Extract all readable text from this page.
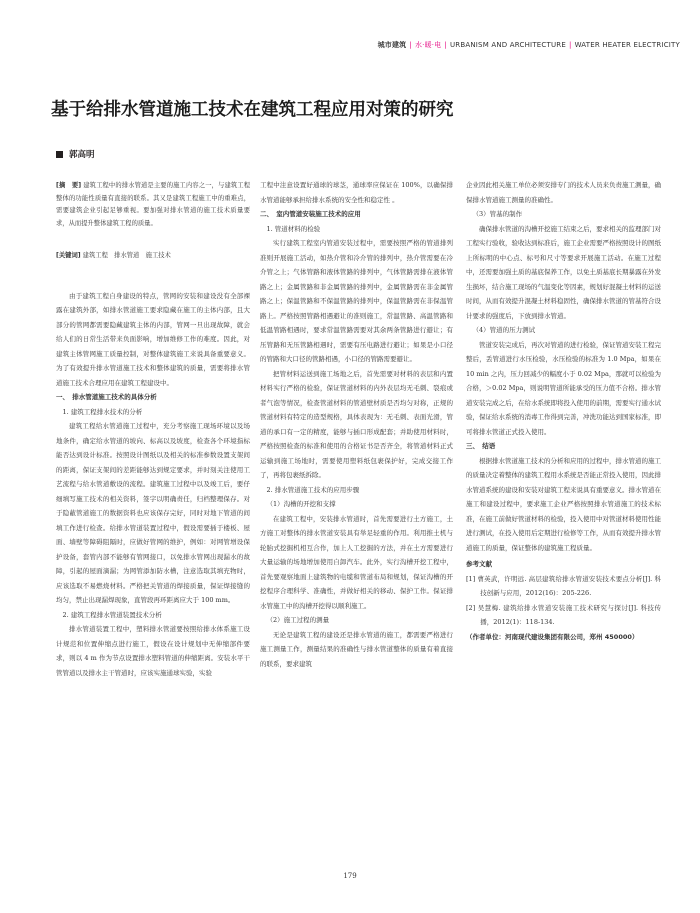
城市建筑 | 水·暖·电 | URBANISM AND ARCHITECTURE | WATER HEATER ELECTRICITY
基于给排水管道施工技术在建筑工程应用对策的研究
郭高明
[摘　要] 建筑工程中的排水管道是主要的施工内容之一，与建筑工程整体的功能性质量有直接的联系。其又是建筑工程施工中的重难点，需要建筑企业引起足够重视。要加强对排水管道的施工技术质量要求，从而提升整体建筑工程的质量。
[关键词] 建筑工程　排水管道　施工技术

由于建筑工程自身建设的特点，管网的安装和建设没有全部裸露在建筑外部，如排水管道施工要求隐藏在施工的主体内部，且大部分的管网都需要隐藏建筑主体的内部，管网一旦出现故障，就会给人们的日常生活带来负面影响，增加维修工作的难度。因此，对建筑主体管网施工质量控制，对整体建筑施工来说具备重要意义。为了有效提升排水管道施工技术和整体建筑的质量，需要将排水管道施工技术合理应用在建筑工程建设中。

一、　排水管道施工技术的具体分析

1. 建筑工程排水技术的分析

建筑工程给水管道施工过程中，充分考察施工现场环境以及场地条件，确定给水管道的坡向、标高以及坡度，检查各个环境指标能否达到设计标准。按照设计图纸以及相关的标准参数设置支架间的距离，保证支架间的差距能够达到规定要求，并时刻关注使用工艺流程与给水管道敷设的流程。建筑施工过程中以及竣工后，要仔细填写施工技术的相关资料，签字以明确责任，归档整理保存。对于隐蔽管道施工的数据资料也应该保存完好，同时对地下管道的间填工作进行检查。给排水管道装置过程中，假设需要插于楼板、屋面、墙壁等障碍阻隔时，应做好管网的维护，例如：对网管增设保护设备，套管内部不能够有管网接口，以免排水管网出现漏水的故障，引起的屋面滴漏；为网管添加防水槽，注意选取其填充物时，应该选取不易燃烧材料。严格把关管道的焊接质量，保证焊接缝的均匀，禁止出现漏焊现象，直管段再环距离应大于 100 mm。

2. 建筑工程排水管道装置技术分析

排水管道装置工程中，塑料排水管道要按照给排水体系施工设计规范和位置伸缩点进行施工，假设在设计规划中无伸缩部件要求，则以 4 m 作为节点设置排水塑料管道的伸缩距离。安装水平干管管道以及排水主干管道时，应该实施通球实验，实验

工程中注意设置好通球的球茎，通球率应保证在 100%，以确保排水管道能够承担给排水系统的安全性和稳定性 。

二、　室内管道安装施工技术的应用

1. 管道材料的检验

实行建筑工程室内管道安装过程中，需要按照严格的管道排列准则开展施工活动，如热介管和冷介管的排列中，热介管需要在冷介管之上；气体管路和液体管路的排列中，气体管路需排在液体管路之上；金属管路和非金属管路的排列中，金属管路需在非金属管路之上；保温管路和不保温管路的排列中，保温管路需在非保温管路上。严格按照管路相遇避让的准则施工，常温管路、高温管路和低温管路相遇时，要求常温管路需要对其余两条管路进行避让；有压管路和无压管路相遇时，需要有压电路进行避让；如果是小口径的管路和大口径的管路相遇，小口径的管路需要避让。

把管材料运送到施工场地之后，首先需要对材料的表层和内置材料实行严格的检验，保证管道材料的内外表层均无毛刺、裂痕或者气泡等情况，检查管道材料的管道壁材质是否均匀对称，正规的管道材料有特定的造型规格，具体表现为：无毛刺、表面光滑，管道的承口有一定的精度，能够与插口形成配套；并助使用材料时，严格按照检查的标准和使用的合格证书是否齐全，将管道材料正式运输到施工场地时，需要使用塑料纸包裹保护好，完成交接工作了，再将包裹纸拆除。

2. 排水管道施工技术的应用步骤

（1）沟槽的开挖和支撑

在建筑工程中，安装排水管道时，首先需要进行土方施工，土方施工对整体的排水管道安装具有举足轻重的作用。利用推土机与轮胎式挖掘机相互合作，加上人工挖掘的方法，并在土方需要进行大量运输的场地增加使用自卸汽车。此外，实行沟槽开挖工程中，首先要观察地面上建筑物的电缆和管道布局和规划，保证沟槽的开挖程序合理科学、准确性，并做好相关的移动、保护工作。保证排水管施工中的沟槽开挖得以顺利施工。

（2）施工过程的测量

无论是建筑工程的建设还是排水管道的施工，都需要严格进行施工测量工作，测量结果的准确性与排水管道整体的质量有着直接的联系，要求建筑

企业因此相关施工单位必须安排专门的技术人员来负责施工测量，确保排水管道施工测量的准确性。

（3）管基的制作

确保排水管道的沟槽开挖施工结束之后，要求相关的监理部门对工程实行验收，验收达到标准后，施工企业需要严格按照设计的图纸上所标明的中心点、标号和尺寸等要求开展施工活动。在施工过程中，还需要加强土质的基底保养工作，以免土质基底长期暴露在外发生损坏，结合施工现场的气温变化等因素，规划好混凝土材料的运送时间，从而有效提升混凝土材料稳固性，确保排水管道的管基符合设计要求的强度后，下放到排水管道。

（4）管道的压力测试

管道安装完成后，再次对管道的进行检验，保证管道安装工程完整后，丢管道进行水压检验，水压检验的标准为 1.0 Mpa，如果在 10 min 之内，压力回减少的幅度小于 0.02 Mpa，那就可以检验为合格，＞0.02 Mpa，则说明管道所能承受的压力值不合格。排水管道安装完成之后，在给水系统即将投入使用的前期，需要实行通水试验，保证给水系统的消毒工作得到完善，冲洗功能达到国家标准，即可将排水管道正式投入使用。

三、　结语

根据排水管道施工技术的分析和应用的过程中，排水管道的施工的质量决定着整体的建筑工程用水系统是否能正常投入使用，因此排水管道系统的建设和安装对建筑工程来说具有重要意义。排水管道在施工和建设过程中，要求施工企业严格按照排水管道施工的技术标准，在施工前做好管道材料的检验，投入使用中对管道材料使用性能进行测试，在投入使用后定期进行检修等工作，从而有效提升排水管道施工的质量，保证整体的建筑施工程质量。

参考文献

[1] 曹英武，许明远. 高层建筑给排水管道安装技术要点分析[J]. 科技创新与应用，2012(16)：205-226.

[2] 吴慧梅. 建筑给排水管道安装施工技术研究与探讨[J]. 科技传播，2012(1)：118-134.

（作者单位：河南现代建设集团有限公司，郑州 450000）

179
